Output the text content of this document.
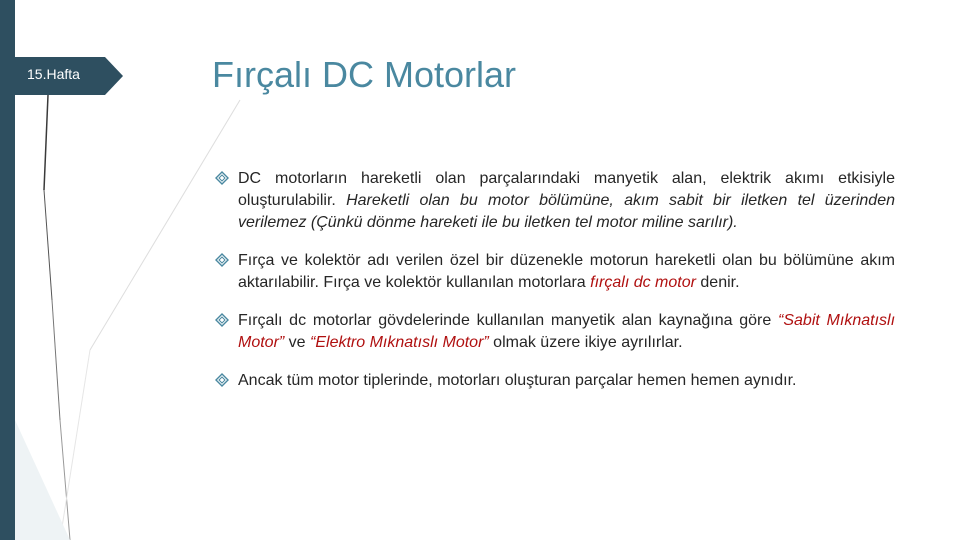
15.Hafta	Fırçalı DC Motorlar
DC motorların hareketli olan parçalarındaki manyetik alan, elektrik akımı etkisiyle oluşturulabilir. Hareketli olan bu motor bölümüne, akım sabit bir iletken tel üzerinden verilemez (Çünkü dönme hareketi ile bu iletken tel motor miline sarılır).
Fırça ve kolektör adı verilen özel bir düzenekle motorun hareketli olan bu bölümüne akım aktarılabilir. Fırça ve kolektör kullanılan motorlara fırçalı dc motor denir.
Fırçalı dc motorlar gövdelerinde kullanılan manyetik alan kaynağına göre “Sabit Mıknatıslı Motor” ve “Elektro Mıknatıslı Motor” olmak üzere ikiye ayrılırlar.
Ancak tüm motor tiplerinde, motorları oluşturan parçalar hemen hemen aynıdır.
